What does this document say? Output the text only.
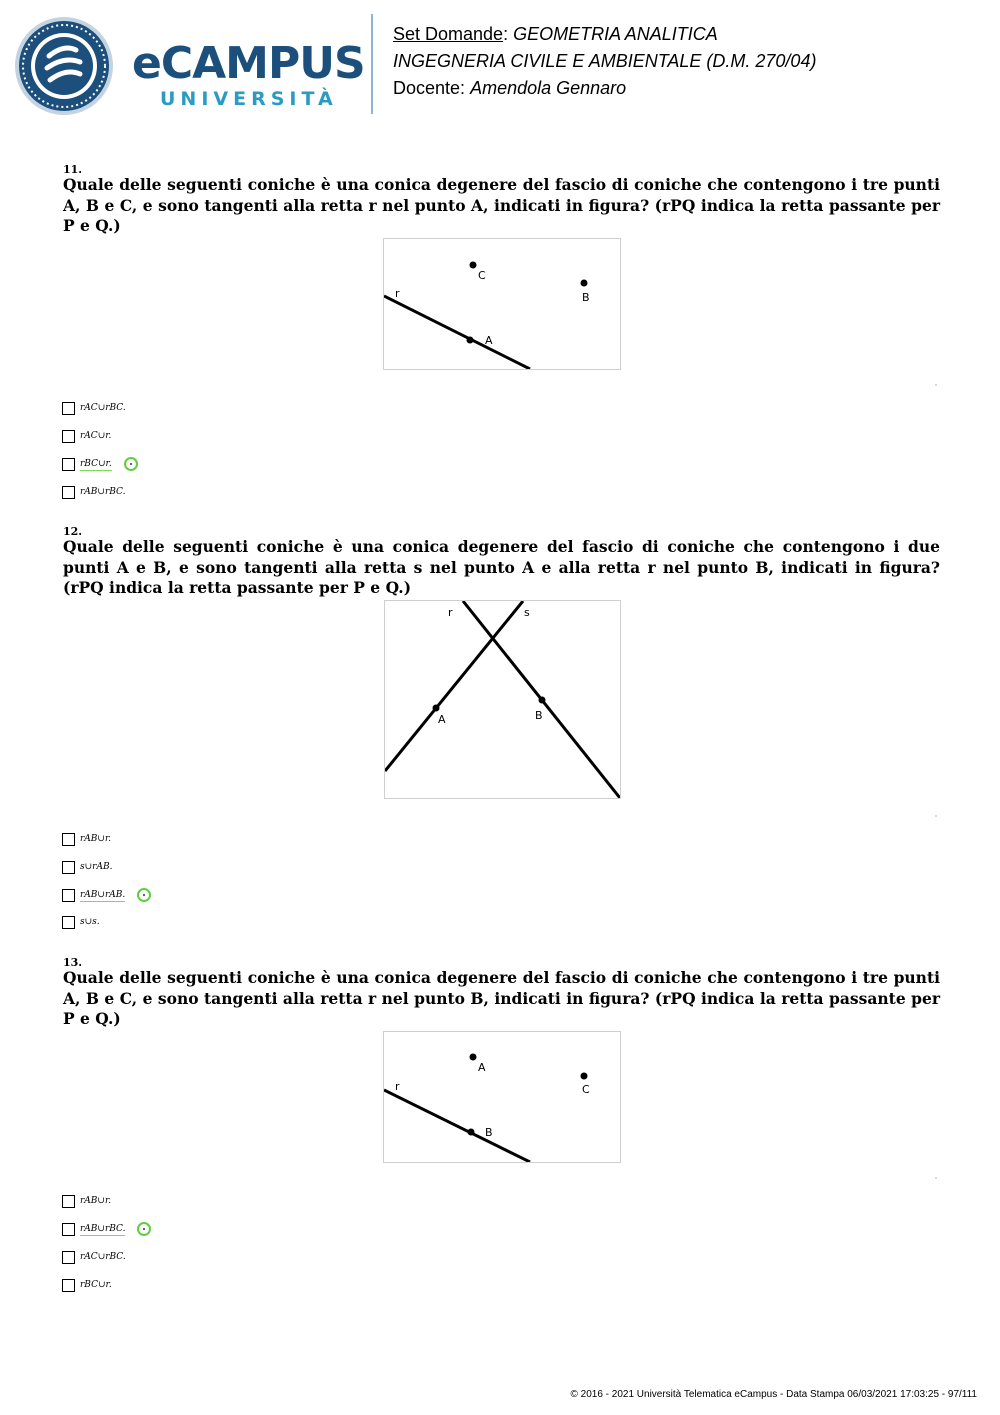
eCAMPUS
UNIVERSITÀ
Set Domande: GEOMETRIA ANALITICA
INGEGNERIA CIVILE E AMBIENTALE (D.M. 270/04)
Docente: Amendola Gennaro
11.
Quale delle seguenti coniche è una conica degenere del fascio di coniche che contengono i tre punti A, B e C, e sono tangenti alla retta r nel punto A, indicati in figura? (rPQ indica la retta passante per P e Q.)
r
C
B
A
rAC∪rBC.
rAC∪r.
rBC∪r.
rAB∪rBC.
12.
Quale delle seguenti coniche è una conica degenere del fascio di coniche che contengono i due punti A e B, e sono tangenti alla retta s nel punto A e alla retta r nel punto B, indicati in figura? (rPQ indica la retta passante per P e Q.)
r	s
A	B
rAB∪r.
s∪rAB.
rAB∪rAB.
s∪s.
13.
Quale delle seguenti coniche è una conica degenere del fascio di coniche che contengono i tre punti A, B e C, e sono tangenti alla retta r nel punto B, indicati in figura? (rPQ indica la retta passante per P e Q.)
r
A
C
B
rAB∪r.
rAB∪rBC.
rAC∪rBC.
rBC∪r.
© 2016 - 2021 Università Telematica eCampus - Data Stampa 06/03/2021 17:03:25 - 97/111
